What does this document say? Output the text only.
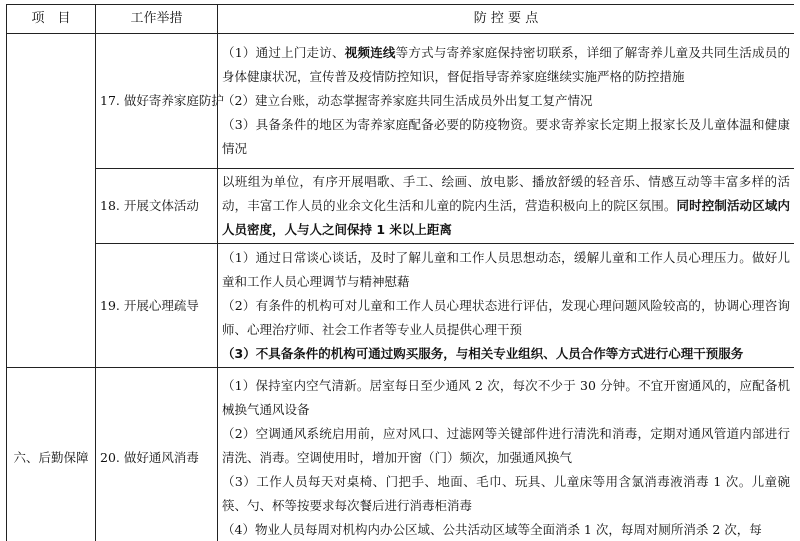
项　目	工作举措	防 控 要 点
	17. 做好寄养家庭防护	（1）通过上门走访、视频连线等方式与寄养家庭保持密切联系，详细了解寄养儿童及共同生活成员的身体健康状况，宣传普及疫情防控知识，督促指导寄养家庭继续实施严格的防控措施
（2）建立台账，动态掌握寄养家庭共同生活成员外出复工复产情况
（3）具备条件的地区为寄养家庭配备必要的防疫物资。要求寄养家长定期上报家长及儿童体温和健康情况

	18. 开展文体活动	以班组为单位，有序开展唱歌、手工、绘画、放电影、播放舒缓的轻音乐、情感互动等丰富多样的活动，丰富工作人员的业余文化生活和儿童的院内生活，营造积极向上的院区氛围。同时控制活动区域内人员密度，人与人之间保持 1 米以上距离

	19. 开展心理疏导	（1）通过日常谈心谈话，及时了解儿童和工作人员思想动态，缓解儿童和工作人员心理压力。做好儿童和工作人员心理调节与精神慰藉
（2）有条件的机构可对儿童和工作人员心理状态进行评估，发现心理问题风险较高的，协调心理咨询师、心理治疗师、社会工作者等专业人员提供心理干预
（3）不具备条件的机构可通过购买服务，与相关专业组织、人员合作等方式进行心理干预服务

六、后勤保障	20. 做好通风消毒	（1）保持室内空气清新。居室每日至少通风 2 次，每次不少于 30 分钟。不宜开窗通风的，应配备机械换气通风设备
（2）空调通风系统启用前，应对风口、过滤网等关键部件进行清洗和消毒，定期对通风管道内部进行清洗、消毒。空调使用时，增加开窗（门）频次，加强通风换气
（3）工作人员每天对桌椅、门把手、地面、毛巾、玩具、儿童床等用含氯消毒液消毒 1 次。儿童碗筷、勺、杯等按要求每次餐后进行消毒柜消毒
（4）物业人员每周对机构内办公区域、公共活动区域等全面消杀 1 次，每周对厕所消杀 2 次，每
